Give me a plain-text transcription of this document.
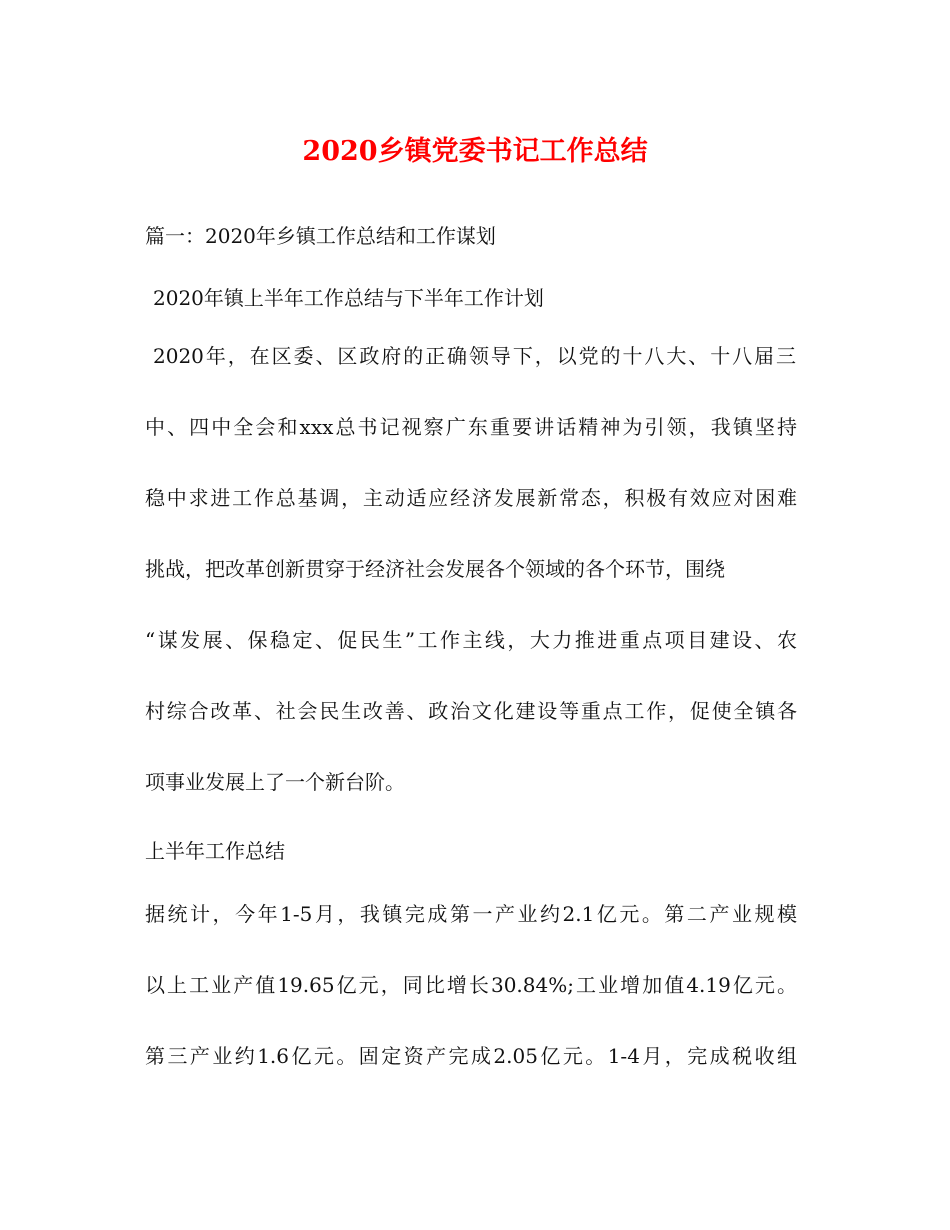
2020乡镇党委书记工作总结

篇一：2020年乡镇工作总结和工作谋划

2020年镇上半年工作总结与下半年工作计划

2020年，在区委、区政府的正确领导下，以党的十八大、十八届三

中、四中全会和xxx总书记视察广东重要讲话精神为引领，我镇坚持

稳中求进工作总基调，主动适应经济发展新常态，积极有效应对困难

挑战，把改革创新贯穿于经济社会发展各个领域的各个环节，围绕

“谋发展、保稳定、促民生”工作主线，大力推进重点项目建设、农

村综合改革、社会民生改善、政治文化建设等重点工作，促使全镇各

项事业发展上了一个新台阶。

上半年工作总结

据统计，今年1-5月，我镇完成第一产业约2.1亿元。第二产业规模

以上工业产值19.65亿元，同比增长30.84%;工业增加值4.19亿元。

第三产业约1.6亿元。固定资产完成2.05亿元。1-4月，完成税收组
